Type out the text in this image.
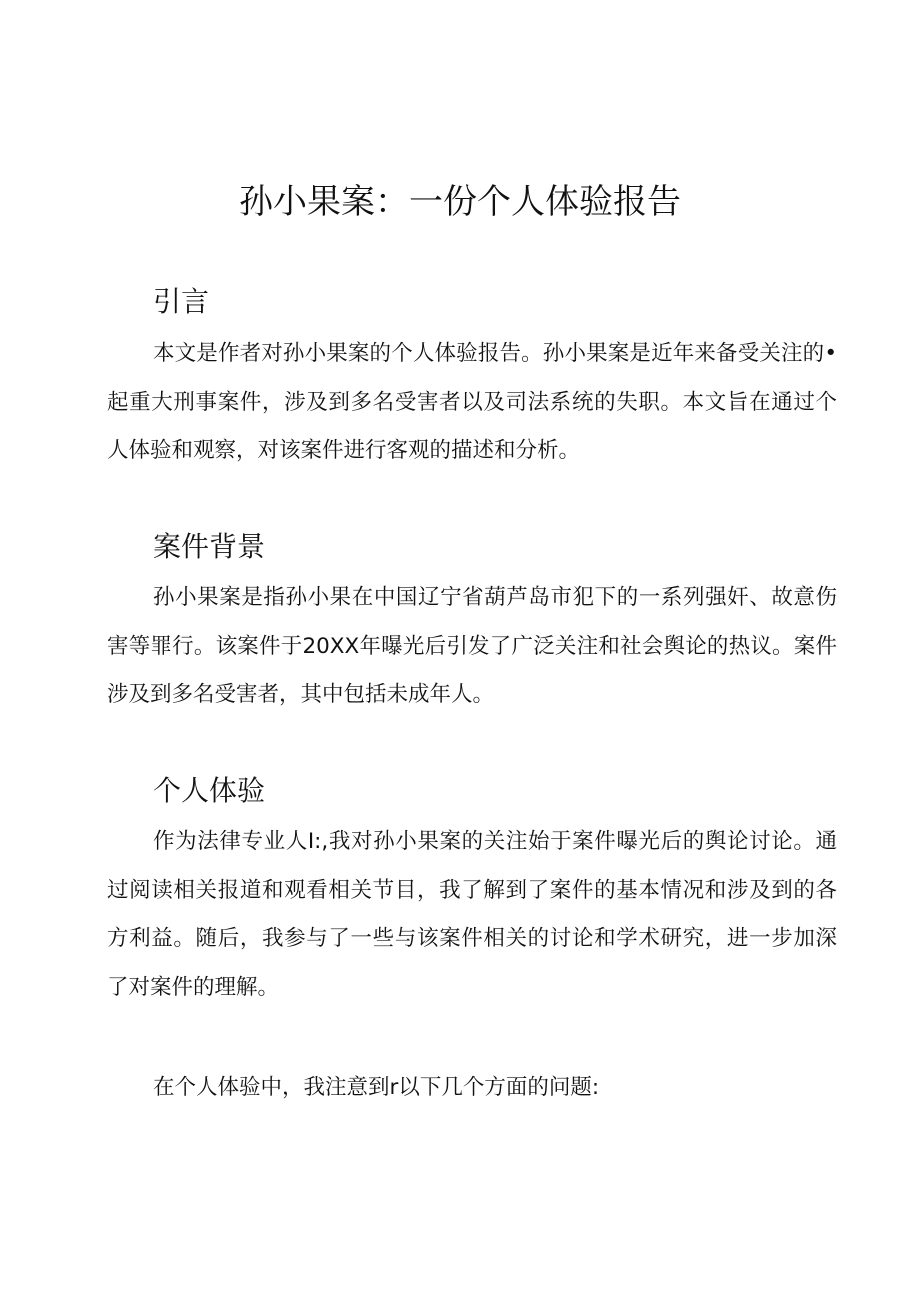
孙小果案：一份个人体验报告
引言

本文是作者对孙小果案的个人体验报告。孙小果案是近年来备受关注的•起重大刑事案件，涉及到多名受害者以及司法系统的失职。本文旨在通过个人体验和观察，对该案件进行客观的描述和分析。

案件背景

孙小果案是指孙小果在中国辽宁省葫芦岛市犯下的一系列强奸、故意伤害等罪行。该案件于20XX年曝光后引发了广泛关注和社会舆论的热议。案件涉及到多名受害者，其中包括未成年人。

个人体验

作为法律专业人I:,我对孙小果案的关注始于案件曝光后的舆论讨论。通过阅读相关报道和观看相关节目，我了解到了案件的基本情况和涉及到的各方利益。随后，我参与了一些与该案件相关的讨论和学术研究，进一步加深了对案件的理解。

在个人体验中，我注意到r以下几个方面的问题:
